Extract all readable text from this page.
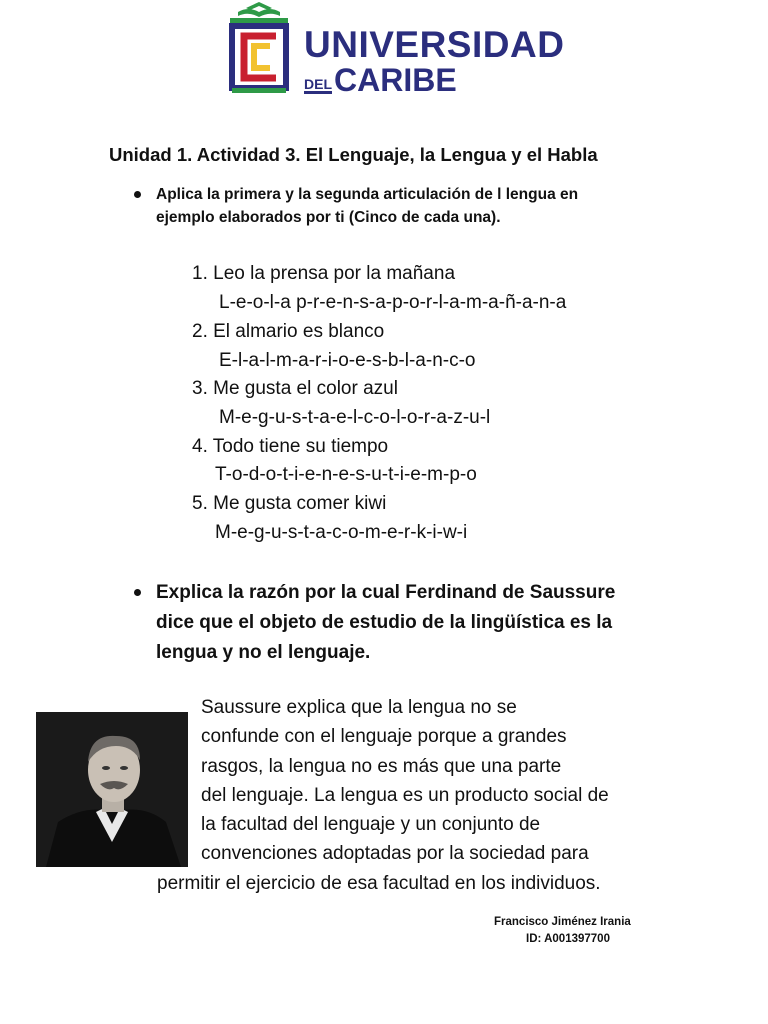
UNIVERSIDAD
DELCARIBE
Unidad 1. Actividad 3. El Lenguaje, la Lengua y el Habla
Aplica la primera y la segunda articulación de l lengua en
ejemplo elaborados por ti (Cinco de cada una).
1. Leo la prensa por la mañana
L-e-o-l-a p-r-e-n-s-a-p-o-r-l-a-m-a-ñ-a-n-a
2. El almario es blanco
E-l-a-l-m-a-r-i-o-e-s-b-l-a-n-c-o
3. Me gusta el color azul
M-e-g-u-s-t-a-e-l-c-o-l-o-r-a-z-u-l
4. Todo tiene su tiempo
T-o-d-o-t-i-e-n-e-s-u-t-i-e-m-p-o
5. Me gusta comer kiwi
M-e-g-u-s-t-a-c-o-m-e-r-k-i-w-i
Explica la razón por la cual Ferdinand de Saussure
dice que el objeto de estudio de la lingüística es la
lengua y no el lenguaje.
Saussure explica que la lengua no se
confunde con el lenguaje porque a grandes
rasgos, la lengua no es más que una parte
del lenguaje. La lengua es un producto social de
la facultad del lenguaje y un conjunto de
convenciones adoptadas por la sociedad para
permitir el ejercicio de esa facultad en los individuos.
Francisco Jiménez Irania
ID: A001397700
